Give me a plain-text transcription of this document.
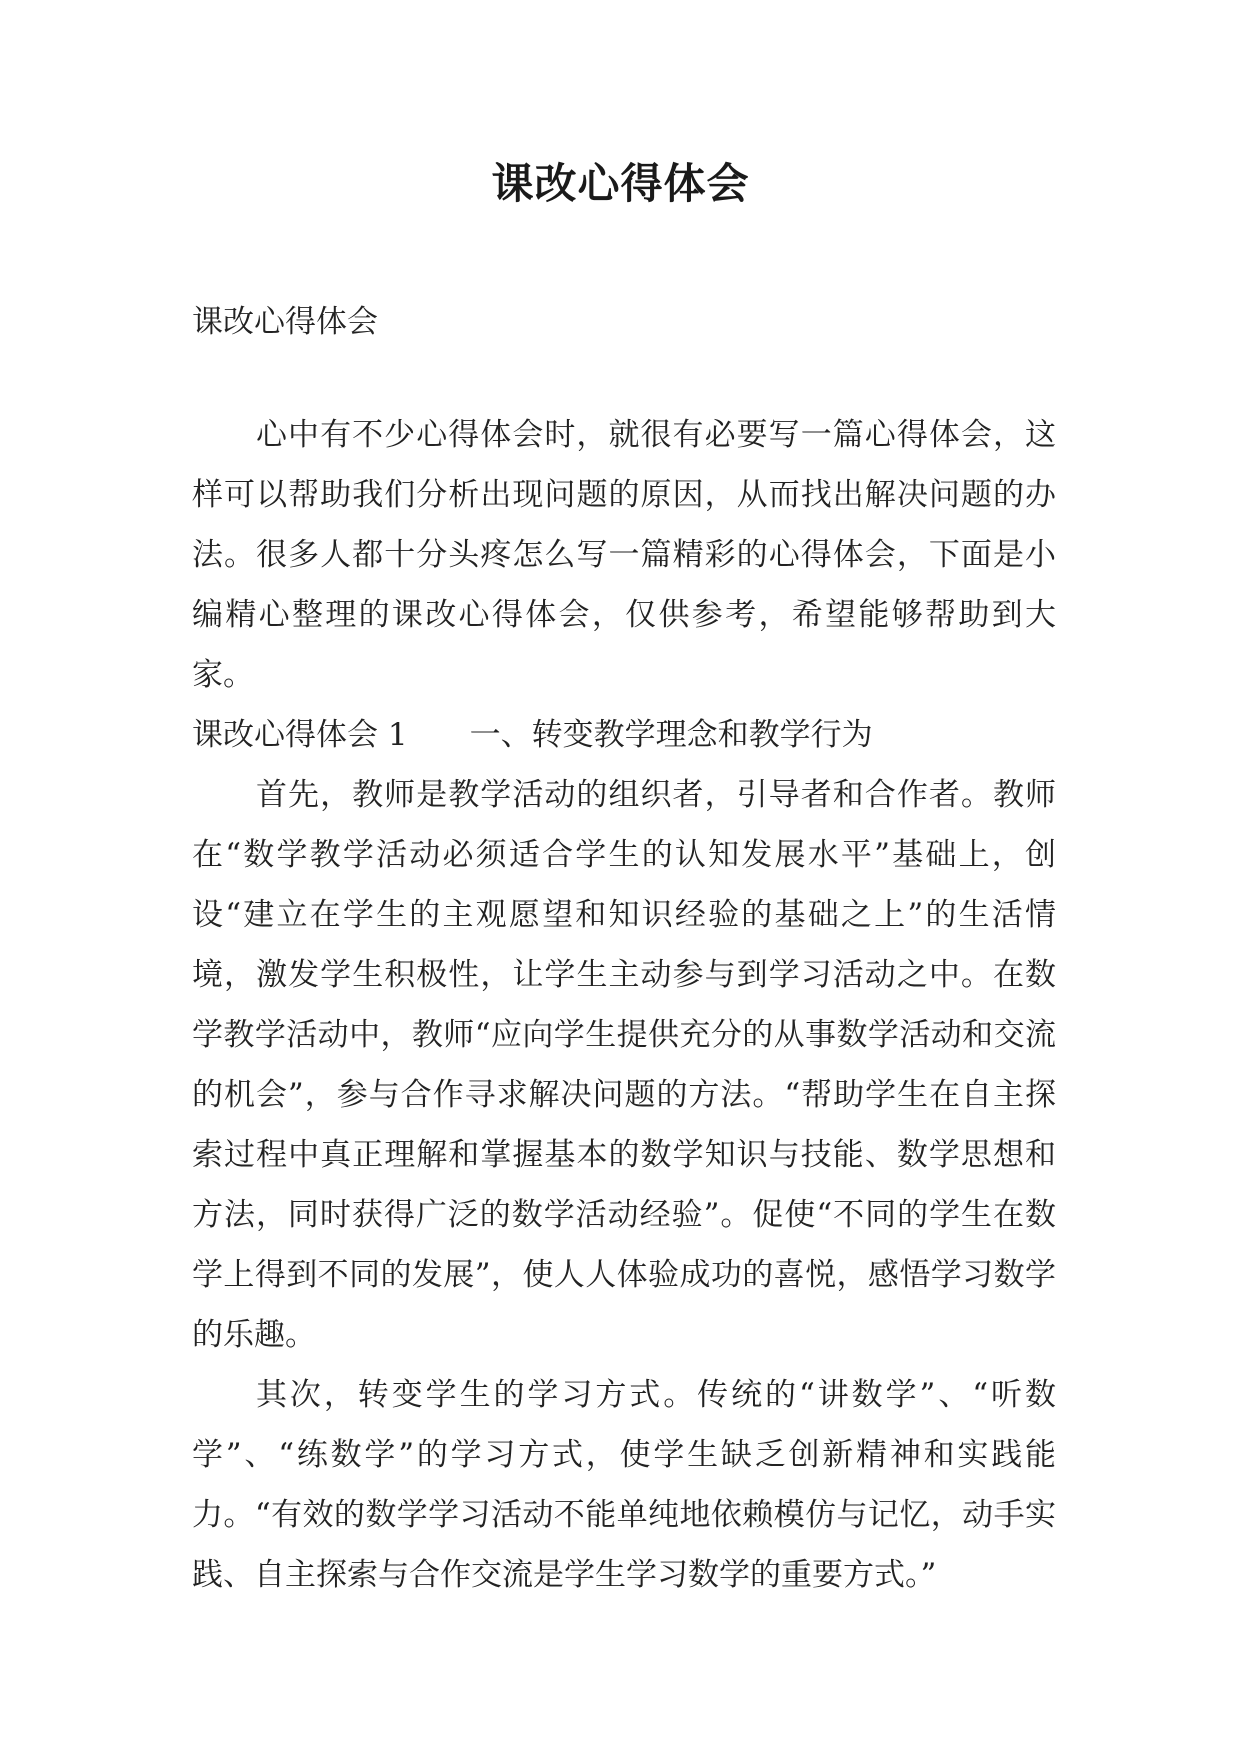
课改心得体会
课改心得体会

心中有不少心得体会时，就很有必要写一篇心得体会，这样可以帮助我们分析出现问题的原因，从而找出解决问题的办法。很多人都十分头疼怎么写一篇精彩的心得体会，下面是小编精心整理的课改心得体会，仅供参考，希望能够帮助到大家。

课改心得体会 1 一、转变教学理念和教学行为

首先，教师是教学活动的组织者，引导者和合作者。教师在“数学教学活动必须适合学生的认知发展水平”基础上，创设“建立在学生的主观愿望和知识经验的基础之上”的生活情境，激发学生积极性，让学生主动参与到学习活动之中。在数学教学活动中，教师“应向学生提供充分的从事数学活动和交流的机会”，参与合作寻求解决问题的方法。“帮助学生在自主探索过程中真正理解和掌握基本的数学知识与技能、数学思想和方法，同时获得广泛的数学活动经验”。促使“不同的学生在数学上得到不同的发展”，使人人体验成功的喜悦，感悟学习数学的乐趣。

其次，转变学生的学习方式。传统的“讲数学”、“听数学”、“练数学”的学习方式，使学生缺乏创新精神和实践能力。“有效的数学学习活动不能单纯地依赖模仿与记忆，动手实践、自主探索与合作交流是学生学习数学的重要方式。”
